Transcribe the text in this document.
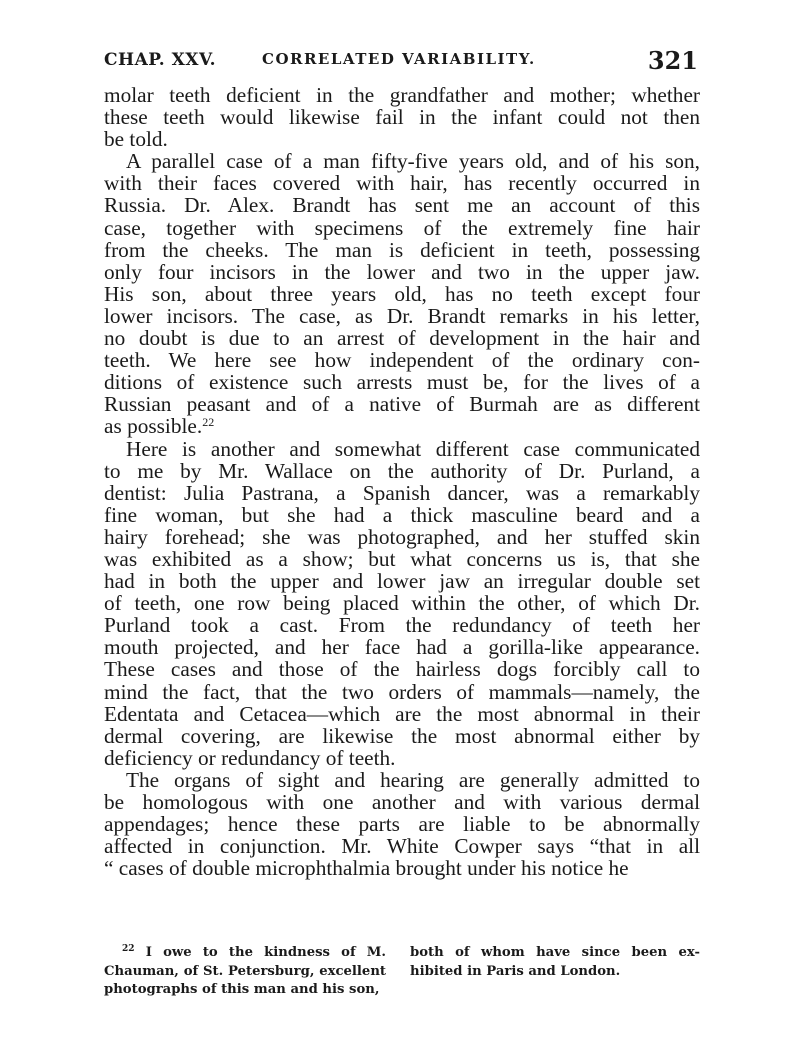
CHAP. XXV.	CORRELATED VARIABILITY.	321
molar teeth deficient in the grandfather and mother; whether
these teeth would likewise fail in the infant could not then
be told.
A parallel case of a man fifty-five years old, and of his son,
with their faces covered with hair, has recently occurred in
Russia. Dr. Alex. Brandt has sent me an account of this
case, together with specimens of the extremely fine hair
from the cheeks. The man is deficient in teeth, possessing
only four incisors in the lower and two in the upper jaw.
His son, about three years old, has no teeth except four
lower incisors. The case, as Dr. Brandt remarks in his letter,
no doubt is due to an arrest of development in the hair and
teeth. We here see how independent of the ordinary con-
ditions of existence such arrests must be, for the lives of a
Russian peasant and of a native of Burmah are as different
as possible.$^{22}$
Here is another and somewhat different case communicated
to me by Mr. Wallace on the authority of Dr. Purland, a
dentist: Julia Pastrana, a Spanish dancer, was a remarkably
fine woman, but she had a thick masculine beard and a
hairy forehead; she was photographed, and her stuffed skin
was exhibited as a show; but what concerns us is, that she
had in both the upper and lower jaw an irregular double set
of teeth, one row being placed within the other, of which Dr.
Purland took a cast. From the redundancy of teeth her
mouth projected, and her face had a gorilla-like appearance.
These cases and those of the hairless dogs forcibly call to
mind the fact, that the two orders of mammals—namely, the
Edentata and Cetacea—which are the most abnormal in their
dermal covering, are likewise the most abnormal either by
deficiency or redundancy of teeth.
The organs of sight and hearing are generally admitted to
be homologous with one another and with various dermal
appendages; hence these parts are liable to be abnormally
affected in conjunction. Mr. White Cowper says “that in all
“ cases of double microphthalmia brought under his notice he
$^{22}$ I owe to the kindness of M.
Chauman, of St. Petersburg, excellent
photographs of this man and his son,
both of whom have since been ex-
hibited in Paris and London.
